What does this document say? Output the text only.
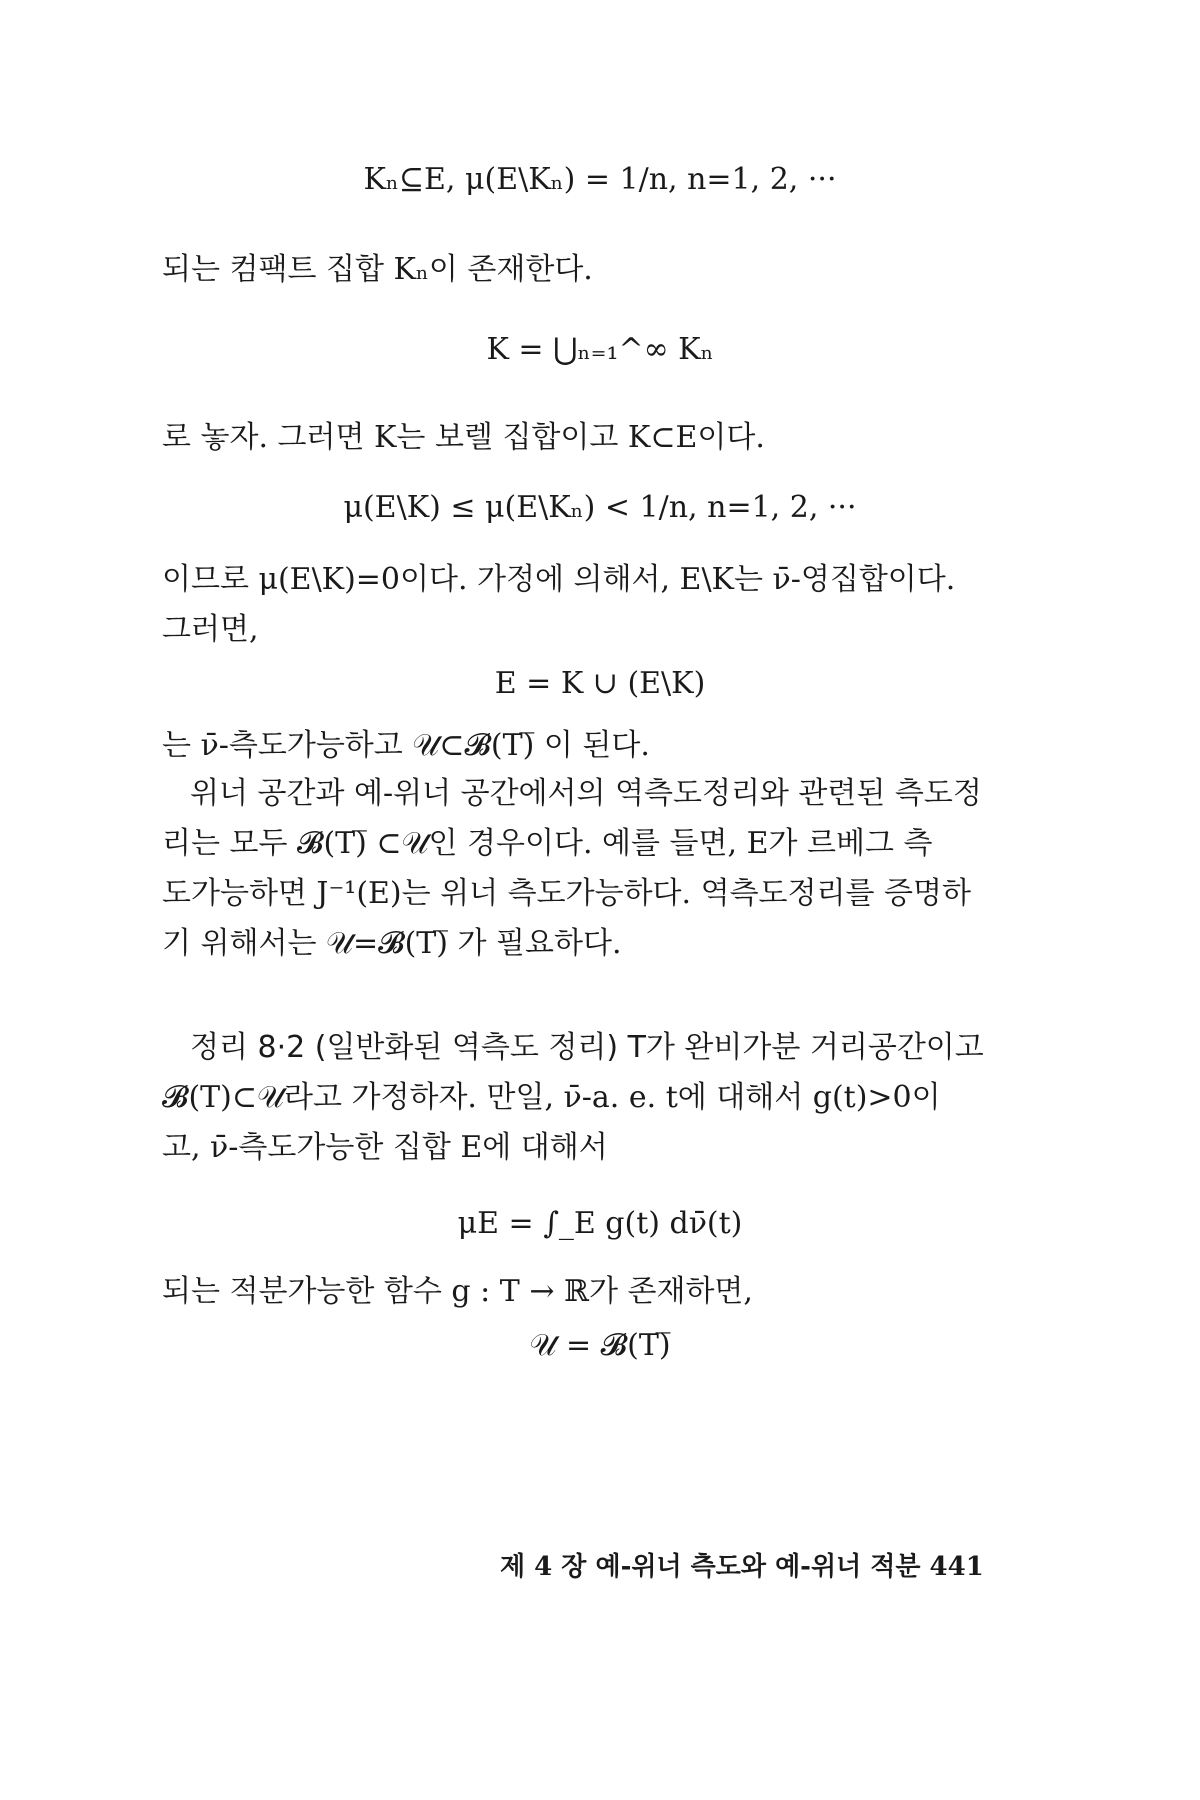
Kₙ⊆E, μ(E\Kₙ) = 1/n, n=1, 2, ···
되는 컴팩트 집합 Kₙ이 존재한다.
K = ⋃ₙ₌₁^∞ Kₙ
로 놓자. 그러면 K는 보렐 집합이고 K⊂E이다.
μ(E\K) ≤ μ(E\Kₙ) < 1/n, n=1, 2, ···
이므로 μ(E\K)=0이다. 가정에 의해서, E\K는 ν̄-영집합이다.
그러면,
E = K ∪ (E\K)
는 ν̄-측도가능하고 𝒰⊂𝓑(T)̅ 이 된다.
위너 공간과 예-위너 공간에서의 역측도정리와 관련된 측도정
리는 모두 𝓑(T)̅ ⊂𝒰인 경우이다. 예를 들면, E가 르베그 측
도가능하면 J⁻¹(E)는 위너 측도가능하다. 역측도정리를 증명하
기 위해서는 𝒰=𝓑(T)̅ 가 필요하다.
정리 8·2 (일반화된 역측도 정리) T가 완비가분 거리공간이고
𝓑(T)⊂𝒰라고 가정하자. 만일, ν̄-a. e. t에 대해서 g(t)>0이
고, ν̄-측도가능한 집합 E에 대해서
μE = ∫_E g(t) dν̄(t)
되는 적분가능한 함수 g : T → ℝ가 존재하면,
𝒰 = 𝓑(T)̅
제 4 장 예-위너 측도와 예-위너 적분 441
